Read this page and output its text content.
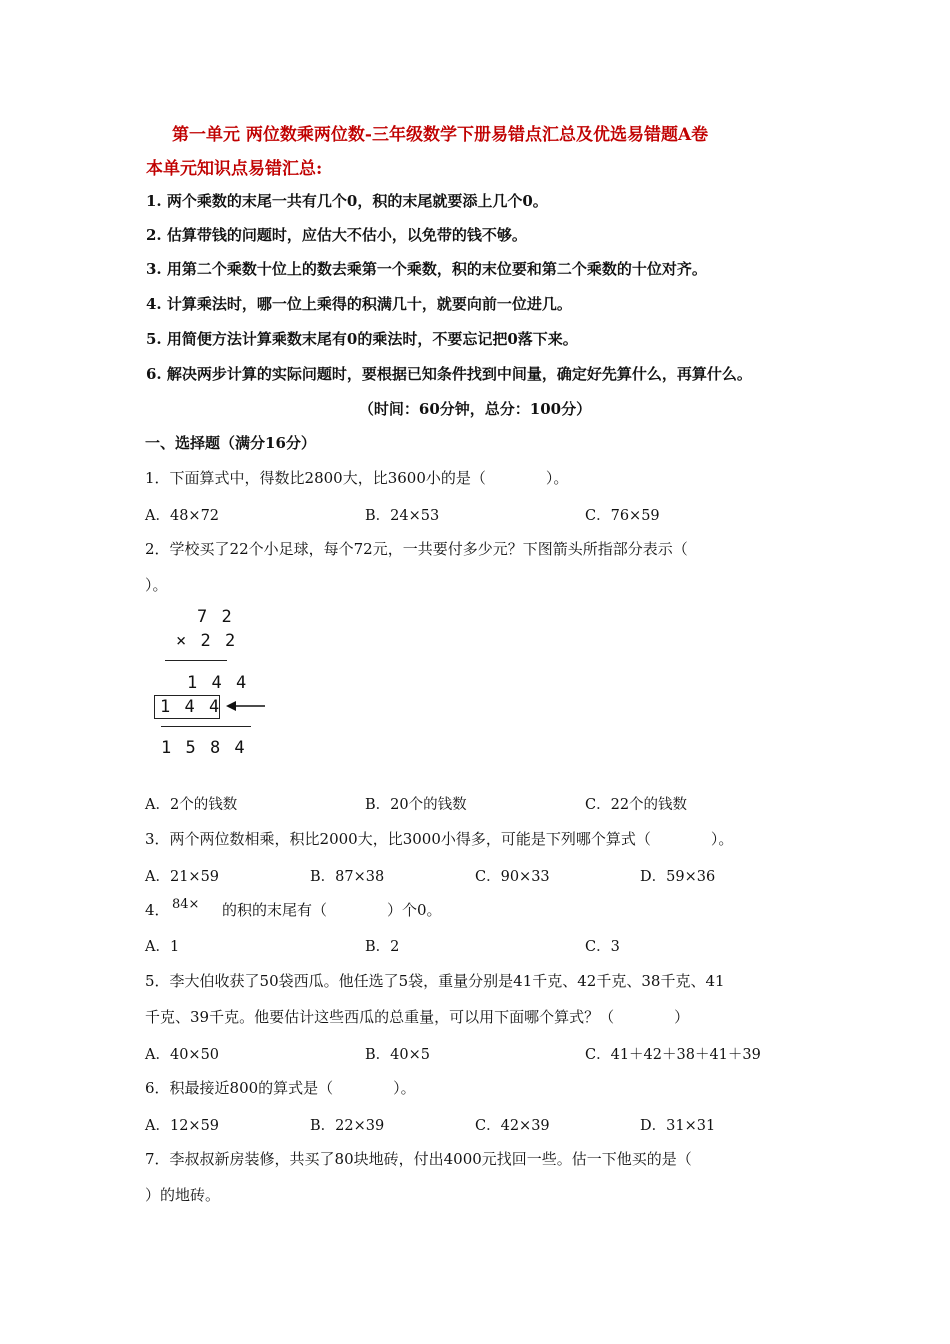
第一单元 两位数乘两位数-三年级数学下册易错点汇总及优选易错题A卷
本单元知识点易错汇总:
1. 两个乘数的末尾一共有几个0，积的末尾就要添上几个0。
2. 估算带钱的问题时，应估大不估小，以免带的钱不够。
3. 用第二个乘数十位上的数去乘第一个乘数，积的末位要和第二个乘数的十位对齐。
4. 计算乘法时，哪一位上乘得的积满几十，就要向前一位进几。
5. 用简便方法计算乘数末尾有0的乘法时，不要忘记把0落下来。
6. 解决两步计算的实际问题时，要根据已知条件找到中间量，确定好先算什么，再算什么。
（时间：60分钟，总分：100分）
一、选择题（满分16分）
1．下面算式中，得数比2800大，比3600小的是（　　　　）。
A．48×72	B．24×53	C．76×59
2．学校买了22个小足球，每个72元，一共要付多少元？下图箭头所指部分表示（
）。
7 2
× 2 2
1 4 4
1 4 4
1 5 8 4
A．2个的钱数	B．20个的钱数	C．22个的钱数
3．两个两位数相乘，积比2000大，比3000小得多，可能是下列哪个算式（　　　　）。
A．21×59	B．87×38	C．90×33	D．59×36
4． 84× 的积的末尾有（　　　　）个0。
A．1	B．2	C．3
5．李大伯收获了50袋西瓜。他任选了5袋，重量分别是41千克、42千克、38千克、41
千克、39千克。他要估计这些西瓜的总重量，可以用下面哪个算式？（　　　　）
A．40×50	B．40×5	C．41＋42＋38＋41＋39
6．积最接近800的算式是（　　　　）。
A．12×59	B．22×39	C．42×39	D．31×31
7．李叔叔新房装修，共买了80块地砖，付出4000元找回一些。估一下他买的是（
）的地砖。
